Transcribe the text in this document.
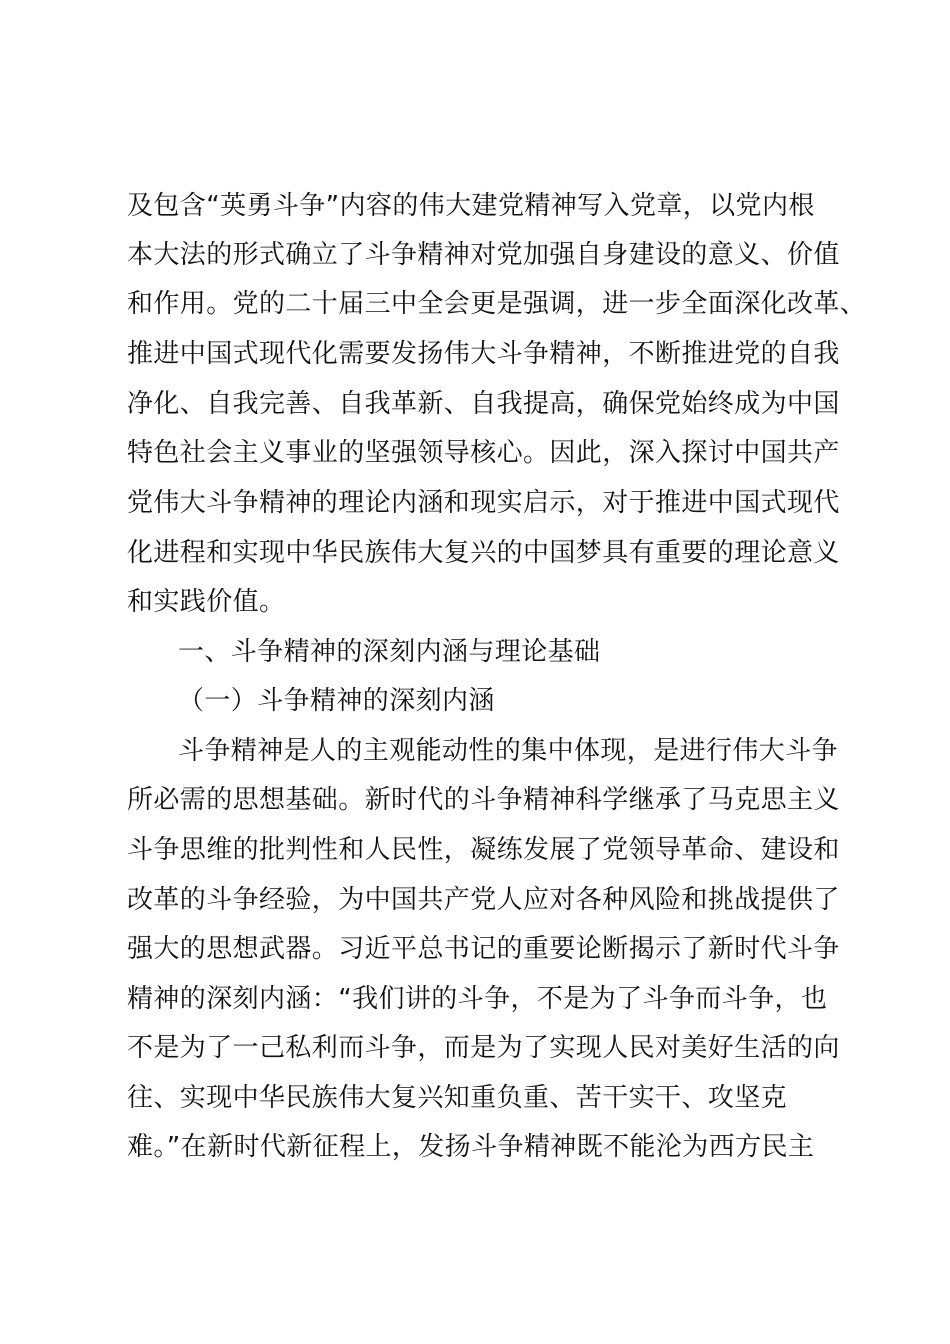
及包含“英勇斗争”内容的伟大建党精神写入党章，以党内根
本大法的形式确立了斗争精神对党加强自身建设的意义、价值
和作用。党的二十届三中全会更是强调，进一步全面深化改革、
推进中国式现代化需要发扬伟大斗争精神，不断推进党的自我
净化、自我完善、自我革新、自我提高，确保党始终成为中国
特色社会主义事业的坚强领导核心。因此，深入探讨中国共产
党伟大斗争精神的理论内涵和现实启示，对于推进中国式现代
化进程和实现中华民族伟大复兴的中国梦具有重要的理论意义
和实践价值。
一、斗争精神的深刻内涵与理论基础
（一）斗争精神的深刻内涵
斗争精神是人的主观能动性的集中体现，是进行伟大斗争
所必需的思想基础。新时代的斗争精神科学继承了马克思主义
斗争思维的批判性和人民性，凝练发展了党领导革命、建设和
改革的斗争经验，为中国共产党人应对各种风险和挑战提供了
强大的思想武器。习近平总书记的重要论断揭示了新时代斗争
精神的深刻内涵：“我们讲的斗争，不是为了斗争而斗争，也
不是为了一己私利而斗争，而是为了实现人民对美好生活的向
往、实现中华民族伟大复兴知重负重、苦干实干、攻坚克
难。”在新时代新征程上，发扬斗争精神既不能沦为西方民主
